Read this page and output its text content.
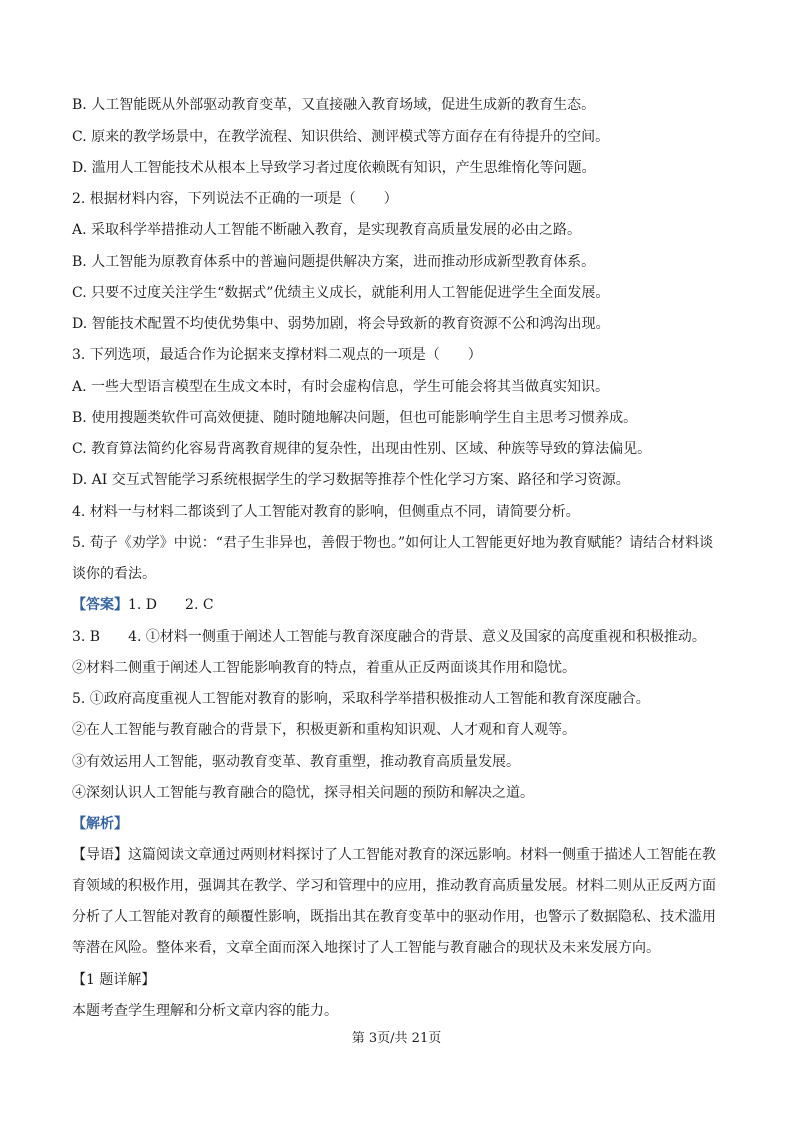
B. 人工智能既从外部驱动教育变革，又直接融入教育场域，促进生成新的教育生态。
C. 原来的教学场景中，在教学流程、知识供给、测评模式等方面存在有待提升的空间。
D. 滥用人工智能技术从根本上导致学习者过度依赖既有知识，产生思维惰化等问题。
2. 根据材料内容，下列说法不正确的一项是（　　）
A. 采取科学举措推动人工智能不断融入教育，是实现教育高质量发展的必由之路。
B. 人工智能为原教育体系中的普遍问题提供解决方案，进而推动形成新型教育体系。
C. 只要不过度关注学生“数据式”优绩主义成长，就能利用人工智能促进学生全面发展。
D. 智能技术配置不均使优势集中、弱势加剧，将会导致新的教育资源不公和鸿沟出现。
3. 下列选项，最适合作为论据来支撑材料二观点的一项是（　　）
A. 一些大型语言模型在生成文本时，有时会虚构信息，学生可能会将其当做真实知识。
B. 使用搜题类软件可高效便捷、随时随地解决问题，但也可能影响学生自主思考习惯养成。
C. 教育算法简约化容易背离教育规律的复杂性，出现由性别、区域、种族等导致的算法偏见。
D. AI 交互式智能学习系统根据学生的学习数据等推荐个性化学习方案、路径和学习资源。
4. 材料一与材料二都谈到了人工智能对教育的影响，但侧重点不同，请简要分析。
5. 荀子《劝学》中说：“君子生非异也，善假于物也。”如何让人工智能更好地为教育赋能？请结合材料谈
谈你的看法。
【答案】1. D　　2. C
3. B　　4. ①材料一侧重于阐述人工智能与教育深度融合的背景、意义及国家的高度重视和积极推动。
②材料二侧重于阐述人工智能影响教育的特点，着重从正反两面谈其作用和隐忧。
5. ①政府高度重视人工智能对教育的影响，采取科学举措积极推动人工智能和教育深度融合。
②在人工智能与教育融合的背景下，积极更新和重构知识观、人才观和育人观等。
③有效运用人工智能，驱动教育变革、教育重塑，推动教育高质量发展。
④深刻认识人工智能与教育融合的隐忧，探寻相关问题的预防和解决之道。
【解析】
【导语】这篇阅读文章通过两则材料探讨了人工智能对教育的深远影响。材料一侧重于描述人工智能在教
育领域的积极作用，强调其在教学、学习和管理中的应用，推动教育高质量发展。材料二则从正反两方面
分析了人工智能对教育的颠覆性影响，既指出其在教育变革中的驱动作用，也警示了数据隐私、技术滥用
等潜在风险。整体来看，文章全面而深入地探讨了人工智能与教育融合的现状及未来发展方向。
【1 题详解】
本题考查学生理解和分析文章内容的能力。
第 3页/共 21页
